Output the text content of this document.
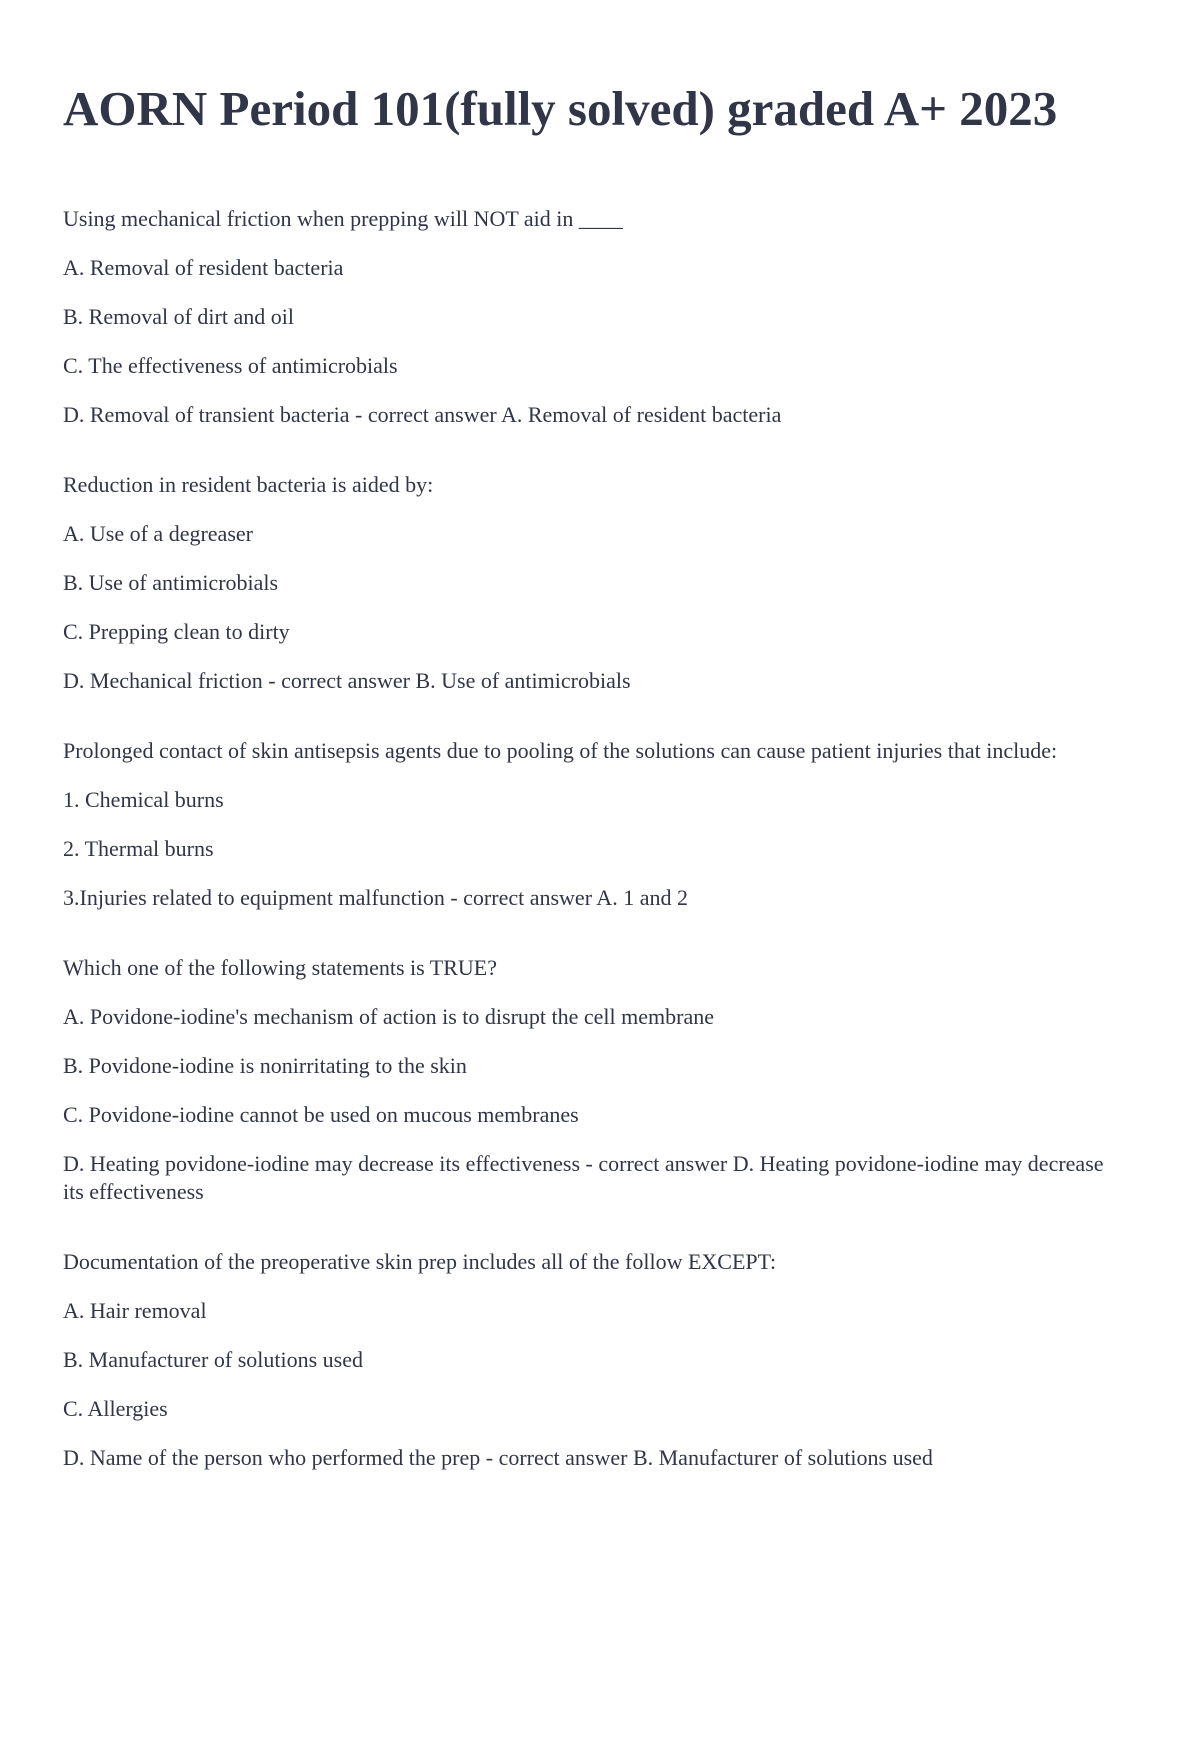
AORN Period 101(fully solved) graded A+ 2023

Using mechanical friction when prepping will NOT aid in ____

A. Removal of resident bacteria

B. Removal of dirt and oil

C. The effectiveness of antimicrobials

D. Removal of transient bacteria - correct answer A. Removal of resident bacteria

Reduction in resident bacteria is aided by:

A. Use of a degreaser

B. Use of antimicrobials

C. Prepping clean to dirty

D. Mechanical friction - correct answer B. Use of antimicrobials

Prolonged contact of skin antisepsis agents due to pooling of the solutions can cause patient injuries that include:

1. Chemical burns

2. Thermal burns

3.Injuries related to equipment malfunction - correct answer A. 1 and 2

Which one of the following statements is TRUE?

A. Povidone-iodine's mechanism of action is to disrupt the cell membrane

B. Povidone-iodine is nonirritating to the skin

C. Povidone-iodine cannot be used on mucous membranes

D. Heating povidone-iodine may decrease its effectiveness - correct answer D. Heating povidone-iodine may decrease its effectiveness

Documentation of the preoperative skin prep includes all of the follow EXCEPT:

A. Hair removal

B. Manufacturer of solutions used

C. Allergies

D. Name of the person who performed the prep - correct answer B. Manufacturer of solutions used
